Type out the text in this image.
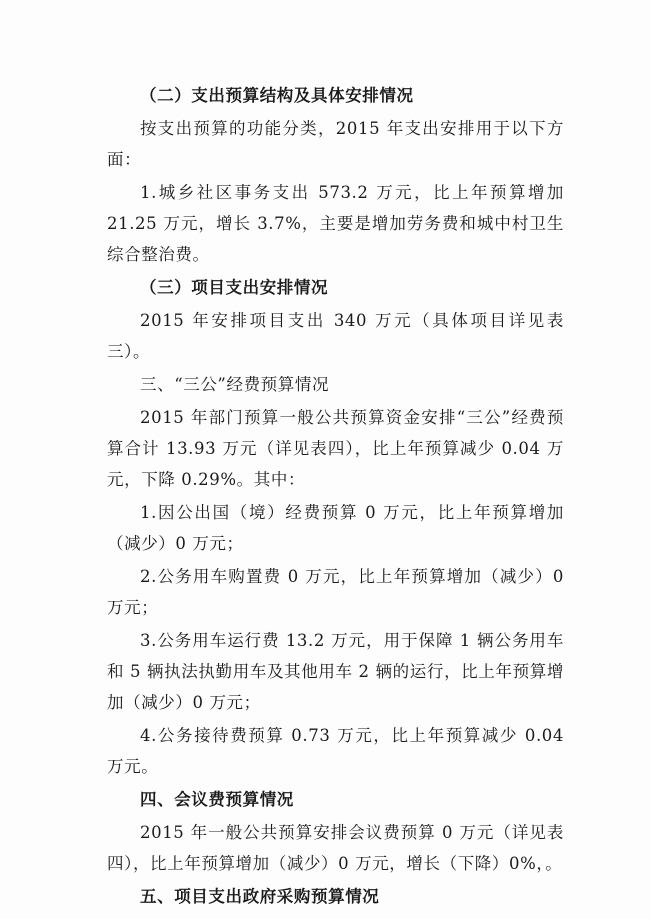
（二）支出预算结构及具体安排情况

按支出预算的功能分类，2015 年支出安排用于以下方面：

1.城乡社区事务支出 573.2 万元，比上年预算增加 21.25 万元，增长 3.7%，主要是增加劳务费和城中村卫生综合整治费。

（三）项目支出安排情况

2015 年安排项目支出 340 万元（具体项目详见表三）。

三、“三公”经费预算情况

2015 年部门预算一般公共预算资金安排“三公”经费预算合计 13.93 万元（详见表四），比上年预算减少 0.04 万元，下降 0.29%。其中：

1.因公出国（境）经费预算 0 万元，比上年预算增加（减少）0 万元；

2.公务用车购置费 0 万元，比上年预算增加（减少）0 万元；

3.公务用车运行费 13.2 万元，用于保障 1 辆公务用车和 5 辆执法执勤用车及其他用车 2 辆的运行，比上年预算增加（减少）0 万元；

4.公务接待费预算 0.73 万元，比上年预算减少 0.04 万元。

四、会议费预算情况

2015 年一般公共预算安排会议费预算 0 万元（详见表四），比上年预算增加（减少）0 万元，增长（下降）0%，。

五、项目支出政府采购预算情况
